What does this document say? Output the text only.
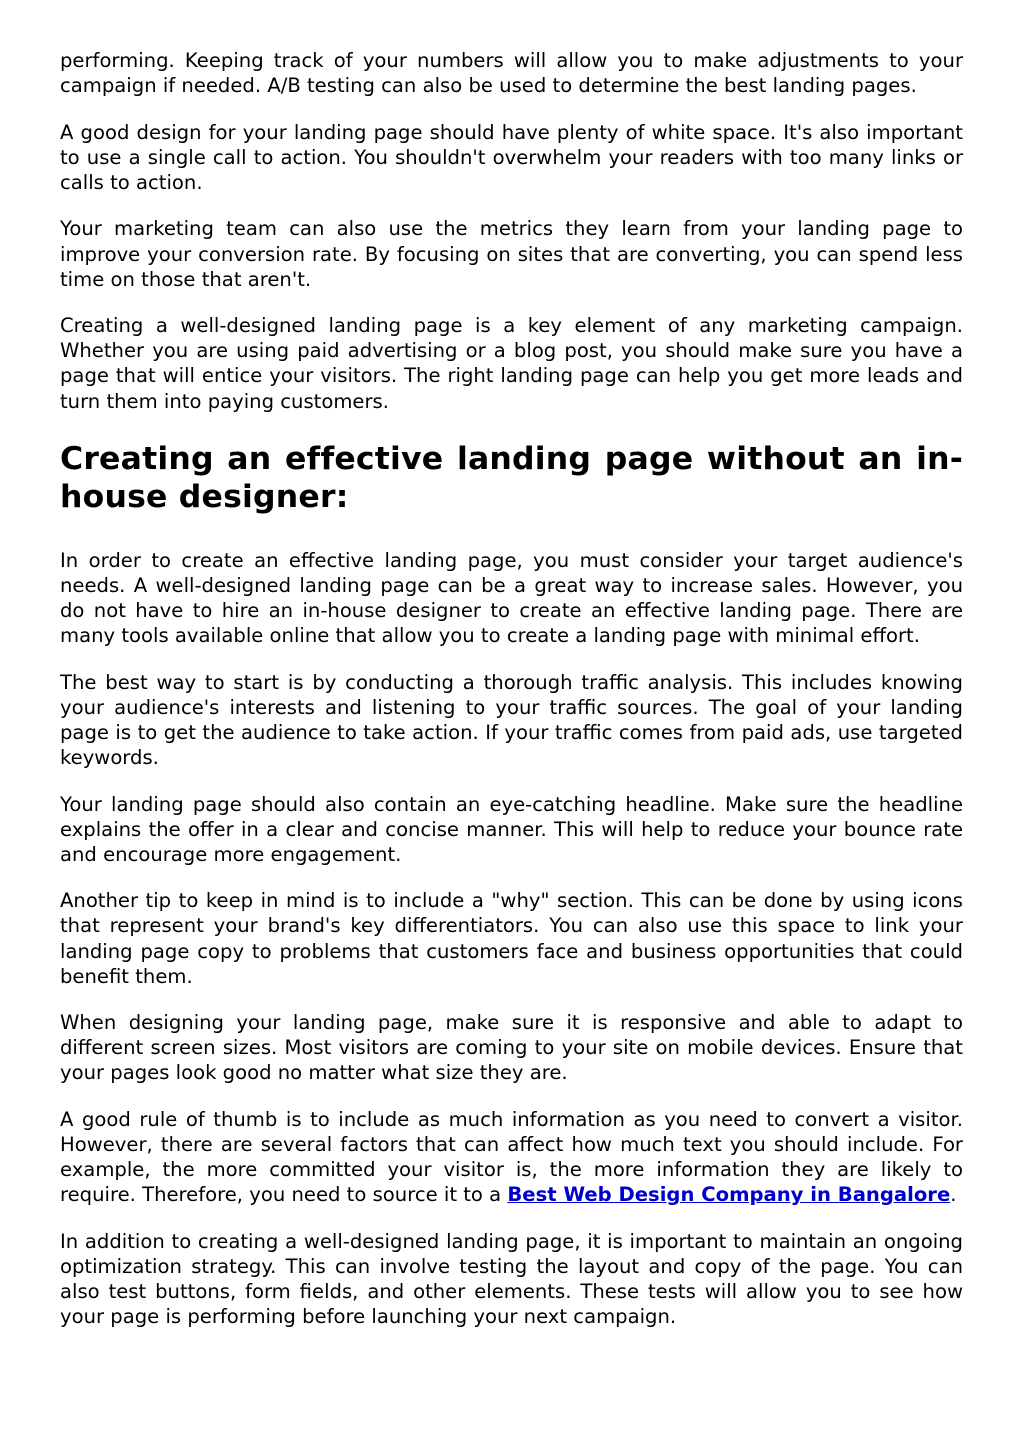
performing. Keeping track of your numbers will allow you to make adjustments to your campaign if needed. A/B testing can also be used to determine the best landing pages.

A good design for your landing page should have plenty of white space. It's also important to use a single call to action. You shouldn't overwhelm your readers with too many links or calls to action.

Your marketing team can also use the metrics they learn from your landing page to improve your conversion rate. By focusing on sites that are converting, you can spend less time on those that aren't.

Creating a well-designed landing page is a key element of any marketing campaign. Whether you are using paid advertising or a blog post, you should make sure you have a page that will entice your visitors. The right landing page can help you get more leads and turn them into paying customers.

Creating an effective landing page without an in-house designer:

In order to create an effective landing page, you must consider your target audience's needs. A well-designed landing page can be a great way to increase sales. However, you do not have to hire an in-house designer to create an effective landing page. There are many tools available online that allow you to create a landing page with minimal effort.

The best way to start is by conducting a thorough traffic analysis. This includes knowing your audience's interests and listening to your traffic sources. The goal of your landing page is to get the audience to take action. If your traffic comes from paid ads, use targeted keywords.

Your landing page should also contain an eye-catching headline. Make sure the headline explains the offer in a clear and concise manner. This will help to reduce your bounce rate and encourage more engagement.

Another tip to keep in mind is to include a "why" section. This can be done by using icons that represent your brand's key differentiators. You can also use this space to link your landing page copy to problems that customers face and business opportunities that could benefit them.

When designing your landing page, make sure it is responsive and able to adapt to different screen sizes. Most visitors are coming to your site on mobile devices. Ensure that your pages look good no matter what size they are.

A good rule of thumb is to include as much information as you need to convert a visitor. However, there are several factors that can affect how much text you should include. For example, the more committed your visitor is, the more information they are likely to require. Therefore, you need to source it to a Best Web Design Company in Bangalore.

In addition to creating a well-designed landing page, it is important to maintain an ongoing optimization strategy. This can involve testing the layout and copy of the page. You can also test buttons, form fields, and other elements. These tests will allow you to see how your page is performing before launching your next campaign.
